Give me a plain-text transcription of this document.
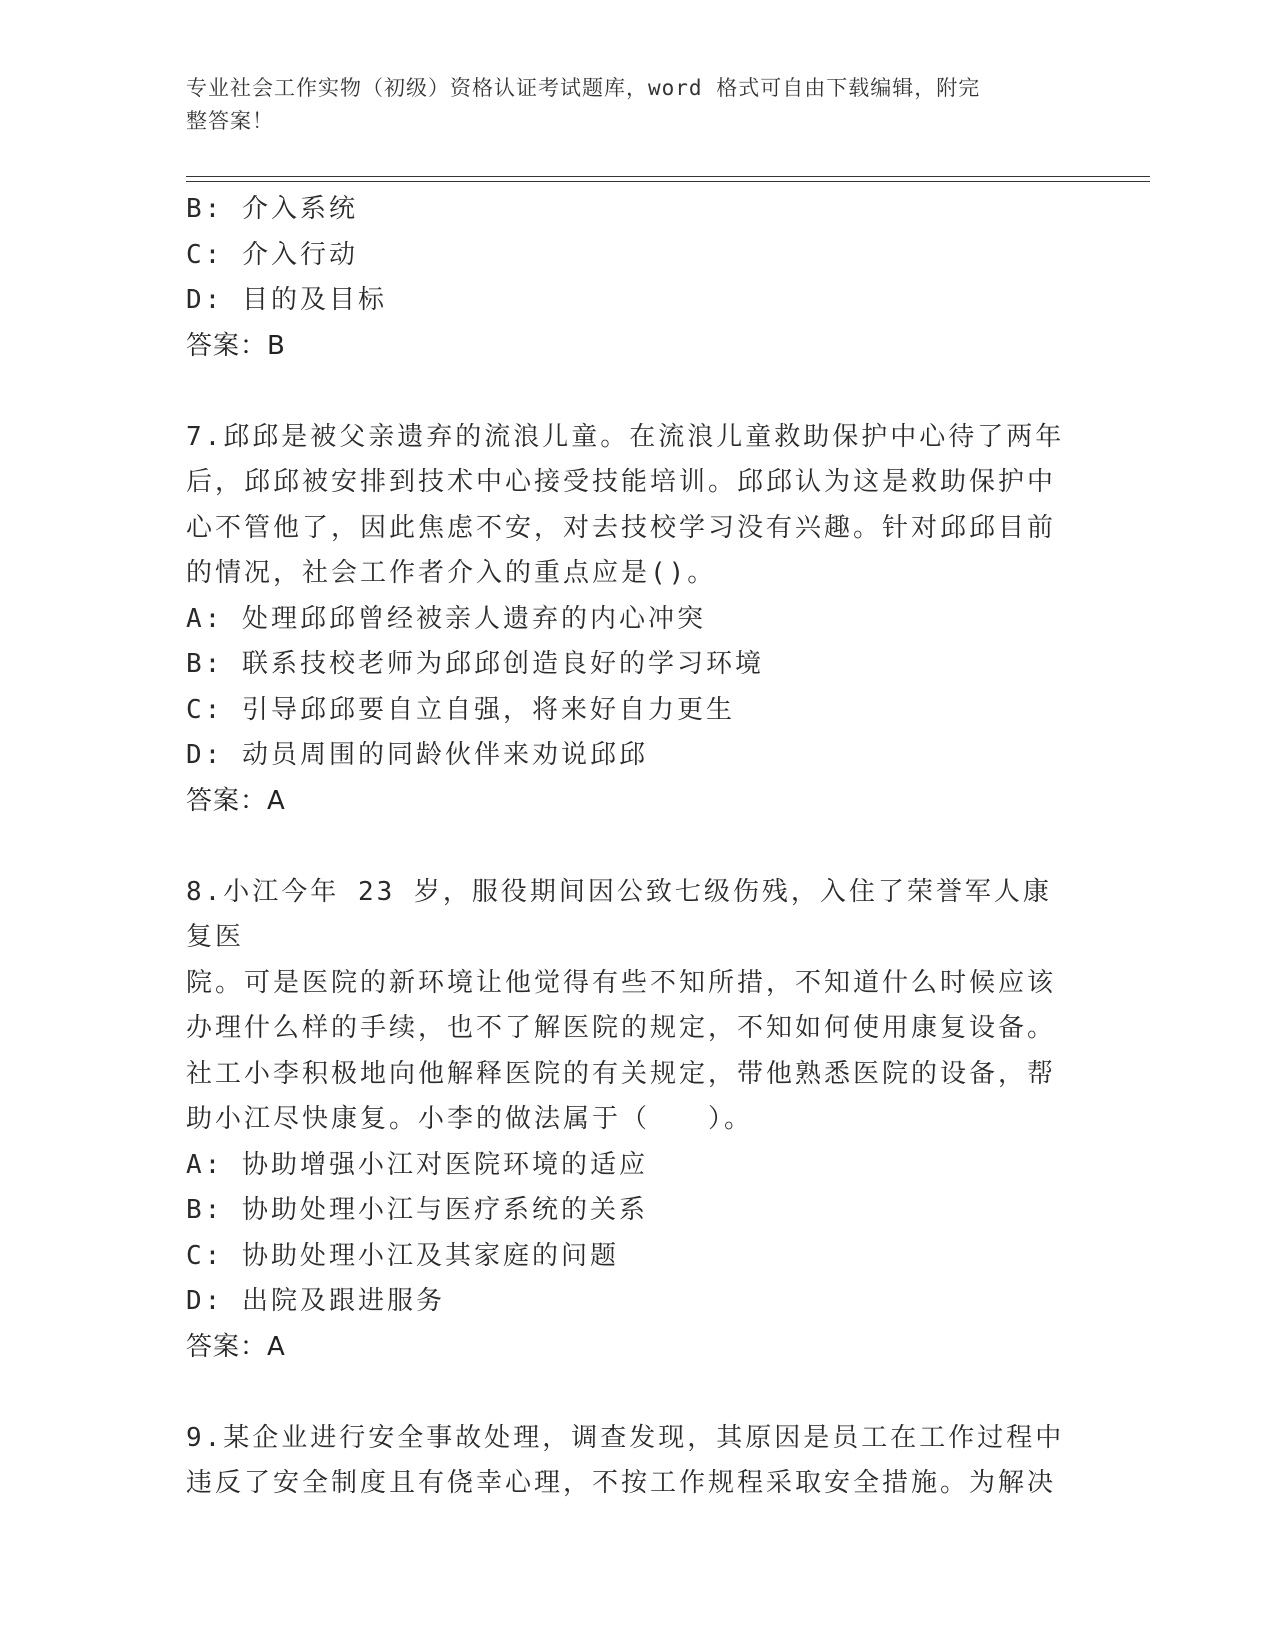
专业社会工作实物（初级）资格认证考试题库，word 格式可自由下载编辑，附完
整答案！
B: 介入系统
C: 介入行动
D: 目的及目标
答案：B
7.邱邱是被父亲遗弃的流浪儿童。在流浪儿童救助保护中心待了两年
后，邱邱被安排到技术中心接受技能培训。邱邱认为这是救助保护中
心不管他了，因此焦虑不安，对去技校学习没有兴趣。针对邱邱目前
的情况，社会工作者介入的重点应是()。
A: 处理邱邱曾经被亲人遗弃的内心冲突
B: 联系技校老师为邱邱创造良好的学习环境
C: 引导邱邱要自立自强，将来好自力更生
D: 动员周围的同龄伙伴来劝说邱邱
答案：A
8.小江今年 23 岁，服役期间因公致七级伤残，入住了荣誉军人康复医
院。可是医院的新环境让他觉得有些不知所措，不知道什么时候应该
办理什么样的手续，也不了解医院的规定，不知如何使用康复设备。
社工小李积极地向他解释医院的有关规定，带他熟悉医院的设备，帮
助小江尽快康复。小李的做法属于（　　）。
A: 协助增强小江对医院环境的适应
B: 协助处理小江与医疗系统的关系
C: 协助处理小江及其家庭的问题
D: 出院及跟进服务
答案：A
9.某企业进行安全事故处理，调查发现，其原因是员工在工作过程中
违反了安全制度且有侥幸心理，不按工作规程采取安全措施。为解决
